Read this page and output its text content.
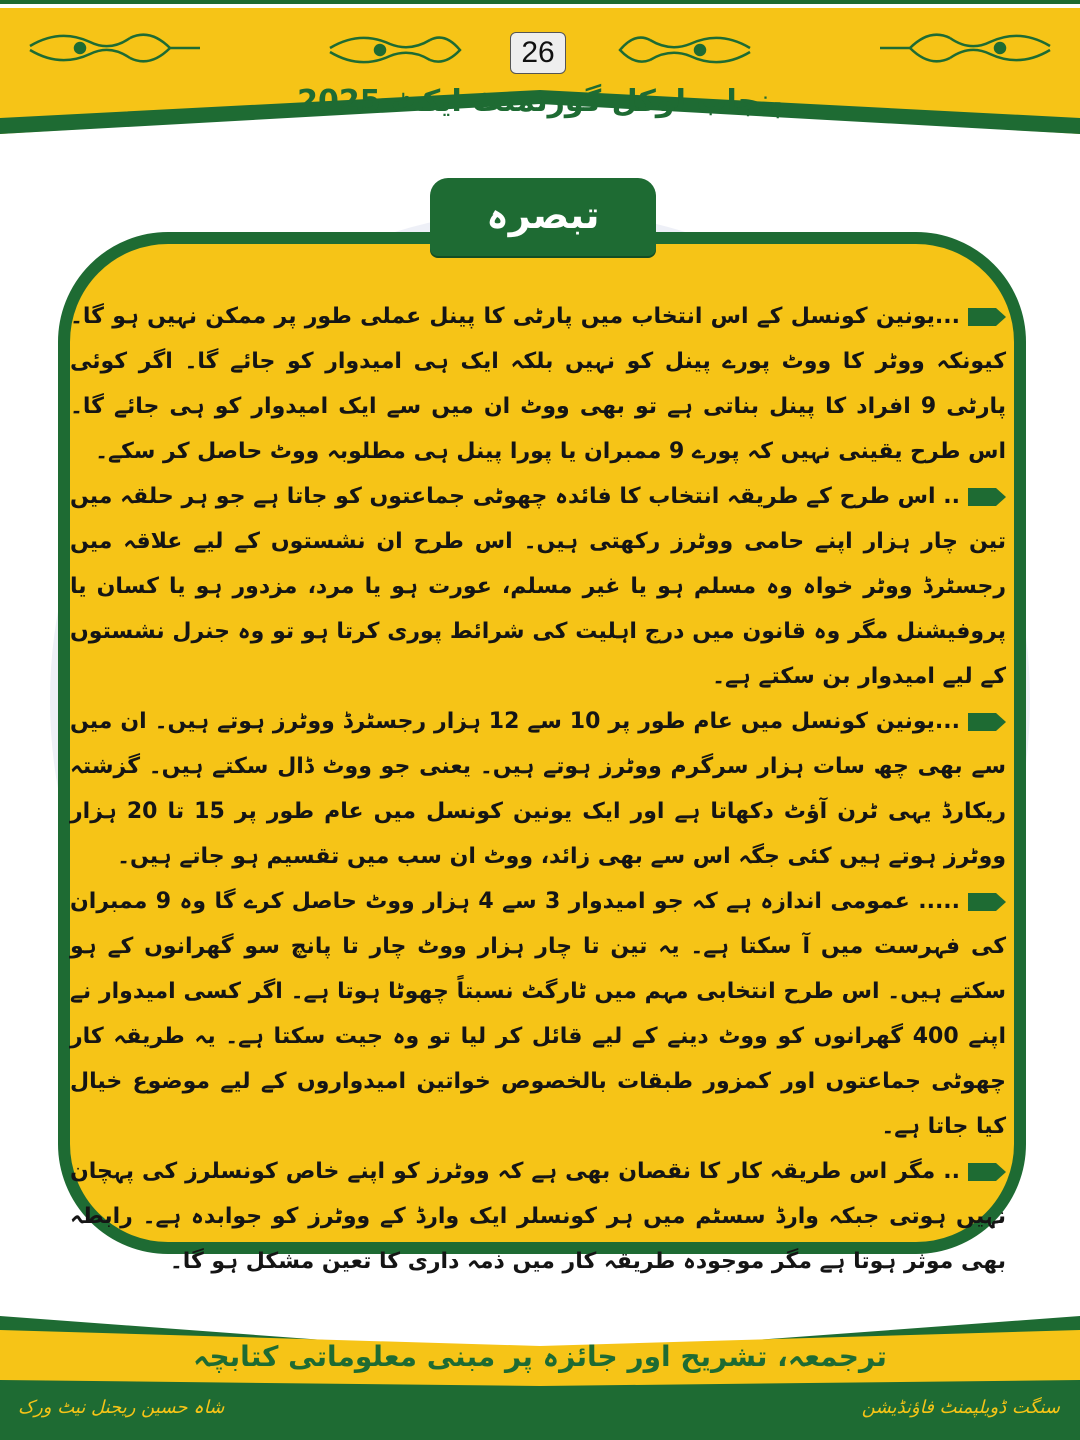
26
پنجاب لوکل گورنمنٹ ایکٹ 2025
تبصرہ

...یونین کونسل کے اس انتخاب میں پارٹی کا پینل عملی طور پر ممکن نہیں ہو گا۔ کیونکہ ووٹر کا ووٹ پورے پینل کو نہیں بلکہ ایک ہی امیدوار کو جائے گا۔ اگر کوئی پارٹی 9 افراد کا پینل بناتی ہے تو بھی ووٹ ان میں سے ایک امیدوار کو ہی جائے گا۔ اس طرح یقینی نہیں کہ پورے 9 ممبران یا پورا پینل ہی مطلوبہ ووٹ حاصل کر سکے۔

.. اس طرح کے طریقہ انتخاب کا فائدہ چھوٹی جماعتوں کو جاتا ہے جو ہر حلقہ میں تین چار ہزار اپنے حامی ووٹرز رکھتی ہیں۔ اس طرح ان نشستوں کے لیے علاقہ میں رجسٹرڈ ووٹر خواہ وہ مسلم ہو یا غیر مسلم، عورت ہو یا مرد، مزدور ہو یا کسان یا پروفیشنل مگر وہ قانون میں درج اہلیت کی شرائط پوری کرتا ہو تو وہ جنرل نشستوں کے لیے امیدوار بن سکتے ہے۔

...یونین کونسل میں عام طور پر 10 سے 12 ہزار رجسٹرڈ ووٹرز ہوتے ہیں۔ ان میں سے بھی چھ سات ہزار سرگرم ووٹرز ہوتے ہیں۔ یعنی جو ووٹ ڈال سکتے ہیں۔ گزشتہ ریکارڈ یہی ٹرن آؤٹ دکھاتا ہے اور ایک یونین کونسل میں عام طور پر 15 تا 20 ہزار ووٹرز ہوتے ہیں کئی جگہ اس سے بھی زائد، ووٹ ان سب میں تقسیم ہو جاتے ہیں۔

..... عمومی اندازہ ہے کہ جو امیدوار 3 سے 4 ہزار ووٹ حاصل کرے گا وہ 9 ممبران کی فہرست میں آ سکتا ہے۔ یہ تین تا چار ہزار ووٹ چار تا پانچ سو گھرانوں کے ہو سکتے ہیں۔ اس طرح انتخابی مہم میں ٹارگٹ نسبتاً چھوٹا ہوتا ہے۔ اگر کسی امیدوار نے اپنے 400 گھرانوں کو ووٹ دینے کے لیے قائل کر لیا تو وہ جیت سکتا ہے۔ یہ طریقہ کار چھوٹی جماعتوں اور کمزور طبقات بالخصوص خواتین امیدواروں کے لیے موضوع خیال کیا جاتا ہے۔

.. مگر اس طریقہ کار کا نقصان بھی ہے کہ ووٹرز کو اپنے خاص کونسلرز کی پہچان نہیں ہوتی جبکہ وارڈ سسٹم میں ہر کونسلر ایک وارڈ کے ووٹرز کو جوابدہ ہے۔ رابطہ بھی موثر ہوتا ہے مگر موجودہ طریقہ کار میں ذمہ داری کا تعین مشکل ہو گا۔

ترجمعہ، تشریح اور جائزہ پر مبنی معلوماتی کتابچہ
شاہ حسین ریجنل نیٹ ورک	سنگت ڈویلپمنٹ فاؤنڈیشن
